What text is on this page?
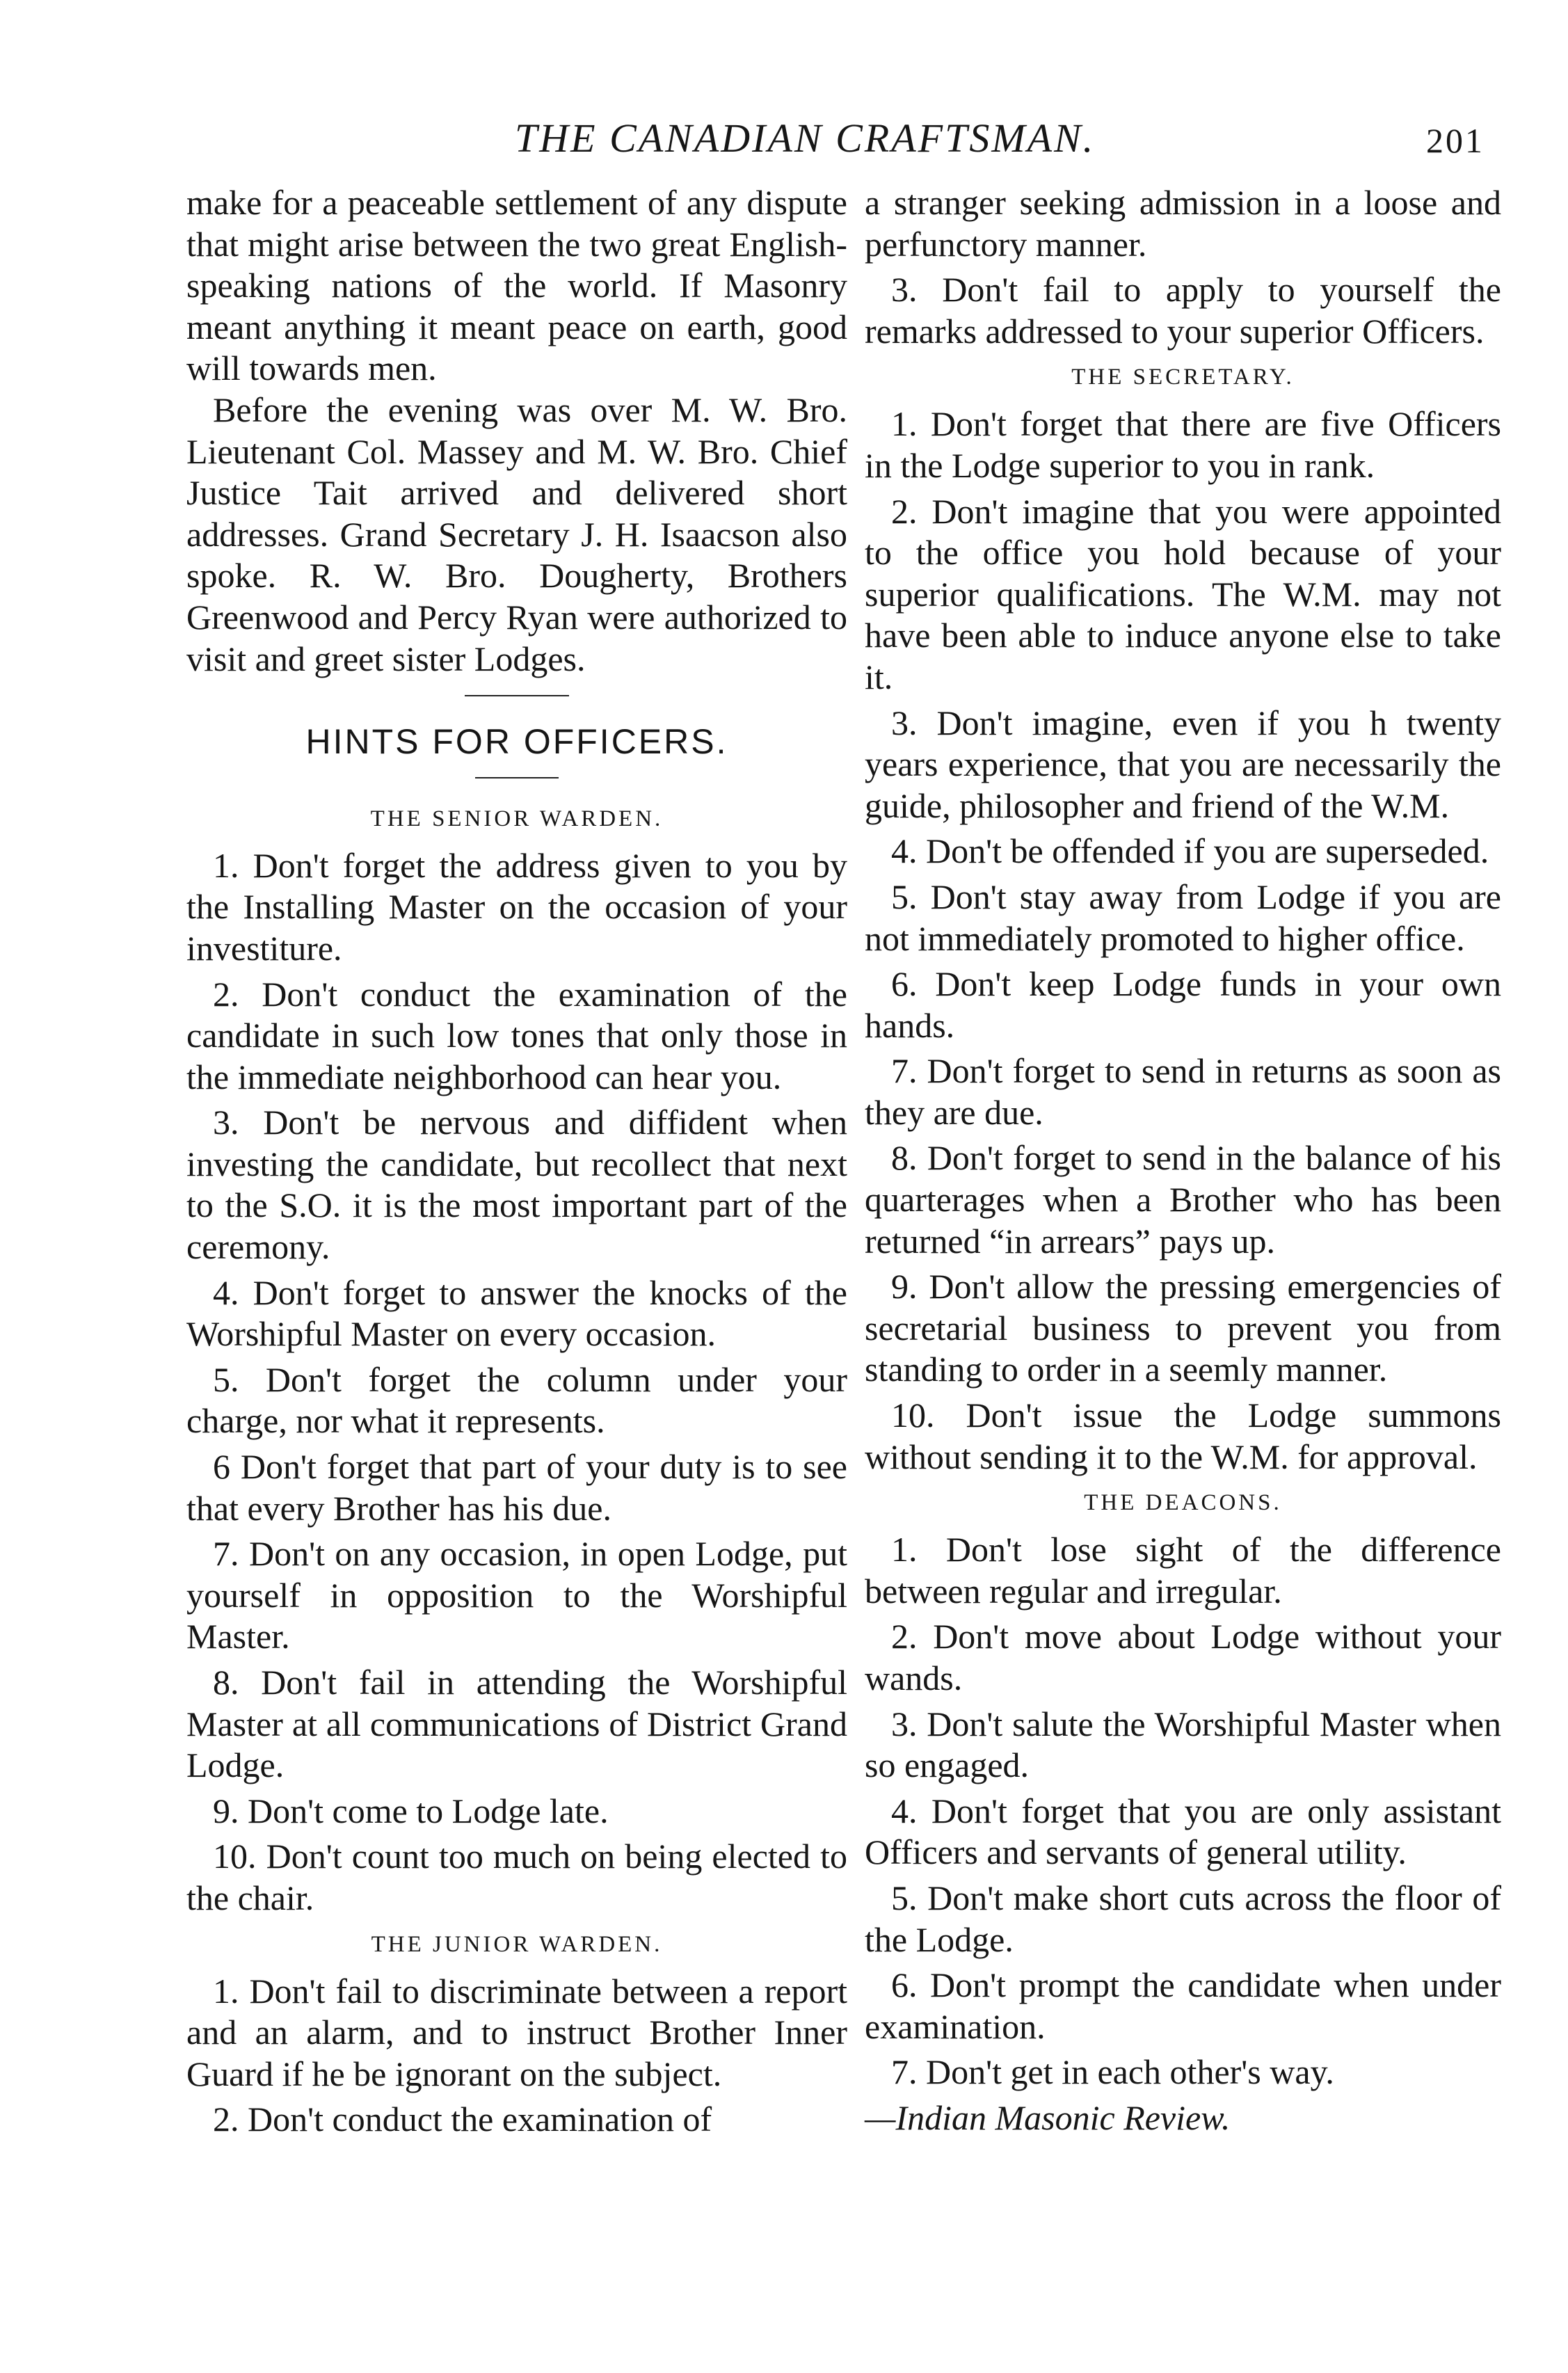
THE CANADIAN CRAFTSMAN.	201

make for a peaceable settlement of any dispute that might arise between the two great English-speaking nations of the world. If Masonry meant anything it meant peace on earth, good will towards men.

Before the evening was over M. W. Bro. Lieutenant Col. Massey and M. W. Bro. Chief Justice Tait arrived and delivered short addresses. Grand Secretary J. H. Isaacson also spoke. R. W. Bro. Dougherty, Brothers Greenwood and Percy Ryan were authorized to visit and greet sister Lodges.

HINTS FOR OFFICERS.

THE SENIOR WARDEN.

1. Don't forget the address given to you by the Installing Master on the occasion of your investiture.

2. Don't conduct the examination of the candidate in such low tones that only those in the immediate neighborhood can hear you.

3. Don't be nervous and diffident when investing the candidate, but recollect that next to the S.O. it is the most important part of the ceremony.

4. Don't forget to answer the knocks of the Worshipful Master on every occasion.

5. Don't forget the column under your charge, nor what it represents.

6 Don't forget that part of your duty is to see that every Brother has his due.

7. Don't on any occasion, in open Lodge, put yourself in opposition to the Worshipful Master.

8. Don't fail in attending the Worshipful Master at all communications of District Grand Lodge.

9. Don't come to Lodge late.

10. Don't count too much on being elected to the chair.

THE JUNIOR WARDEN.

1. Don't fail to discriminate between a report and an alarm, and to instruct Brother Inner Guard if he be ignorant on the subject.

2. Don't conduct the examination of

a stranger seeking admission in a loose and perfunctory manner.

3. Don't fail to apply to yourself the remarks addressed to your superior Officers.

THE SECRETARY.

1. Don't forget that there are five Officers in the Lodge superior to you in rank.

2. Don't imagine that you were appointed to the office you hold because of your superior qualifications. The W.M. may not have been able to induce anyone else to take it.

3. Don't imagine, even if you h twenty years experience, that you are necessarily the guide, philosopher and friend of the W.M.

4. Don't be offended if you are superseded.

5. Don't stay away from Lodge if you are not immediately promoted to higher office.

6. Don't keep Lodge funds in your own hands.

7. Don't forget to send in returns as soon as they are due.

8. Don't forget to send in the balance of his quarterages when a Brother who has been returned “in arrears” pays up.

9. Don't allow the pressing emergencies of secretarial business to prevent you from standing to order in a seemly manner.

10. Don't issue the Lodge summons without sending it to the W.M. for approval.

THE DEACONS.

1. Don't lose sight of the difference between regular and irregular.

2. Don't move about Lodge without your wands.

3. Don't salute the Worshipful Master when so engaged.

4. Don't forget that you are only assistant Officers and servants of general utility.

5. Don't make short cuts across the floor of the Lodge.

6. Don't prompt the candidate when under examination.

7. Don't get in each other's way.

—Indian Masonic Review.
